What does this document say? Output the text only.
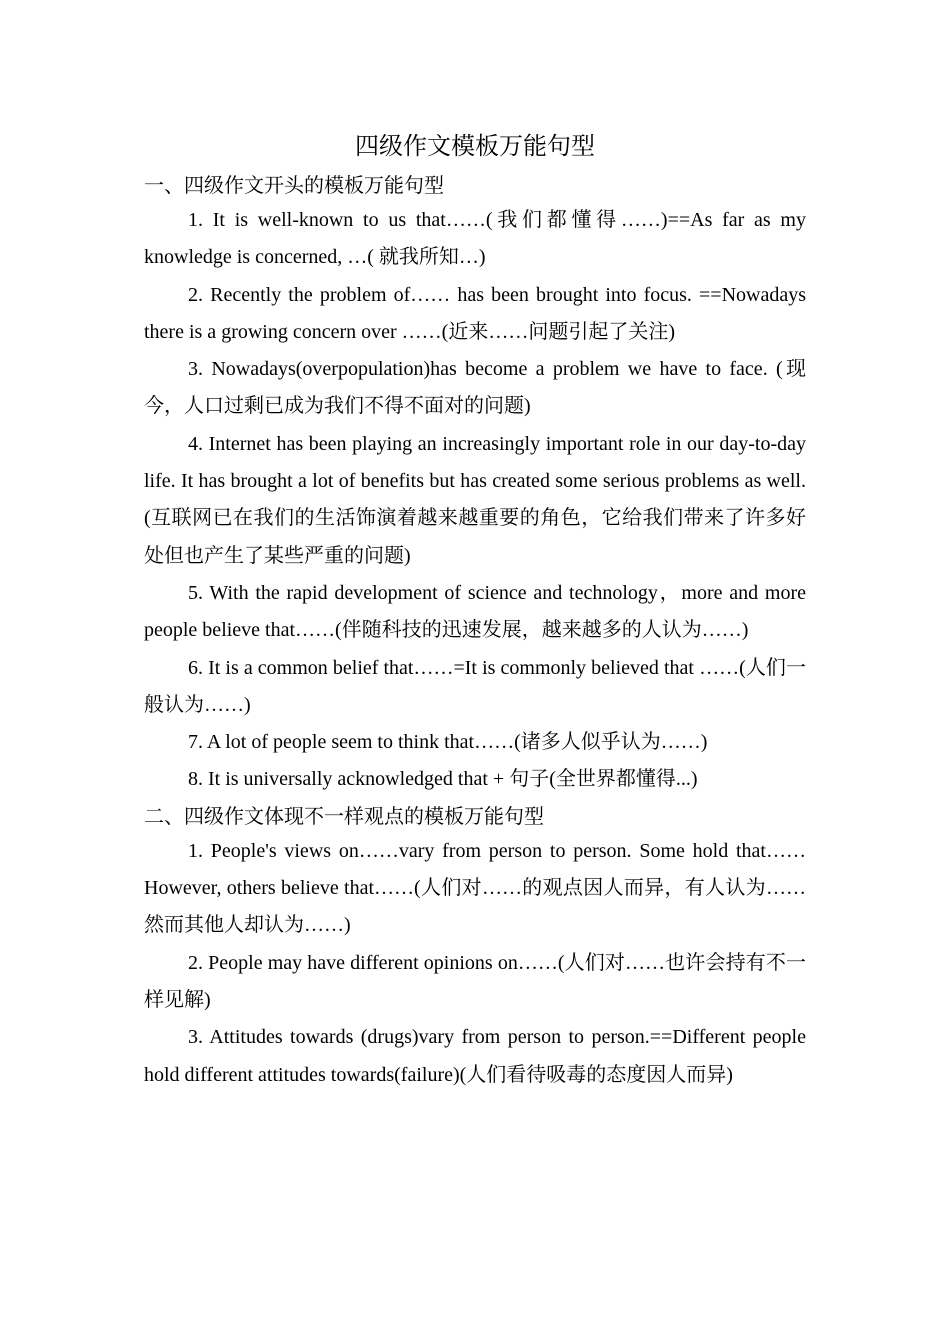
四级作文模板万能句型
一、四级作文开头的模板万能句型

1. It is well-known to us that……(我们都懂得……)==As far as my knowledge is concerned, …( 就我所知…)

2. Recently the problem of…… has been brought into focus. ==Nowadays there is a growing concern over ……(近来……问题引起了关注)

3. Nowadays(overpopulation)has become a problem we have to face. (现今，人口过剩已成为我们不得不面对的问题)

4. Internet has been playing an increasingly important role in our day-to-day life. It has brought a lot of benefits but has created some serious problems as well.(互联网已在我们的生活饰演着越来越重要的角色，它给我们带来了许多好处但也产生了某些严重的问题)

5. With the rapid development of science and technology，more and more people believe that……(伴随科技的迅速发展，越来越多的人认为……)

6. It is a common belief that……=It is commonly believed that ……(人们一般认为……)

7. A lot of people seem to think that……(诸多人似乎认为……)

8. It is universally acknowledged that + 句子(全世界都懂得...)

二、四级作文体现不一样观点的模板万能句型

1. People's views on……vary from person to person. Some hold that……However, others believe that……(人们对……的观点因人而异，有人认为……然而其他人却认为……)

2. People may have different opinions on……(人们对……也许会持有不一样见解)

3. Attitudes towards (drugs)vary from person to person.==Different people hold different attitudes towards(failure)(人们看待吸毒的态度因人而异)
